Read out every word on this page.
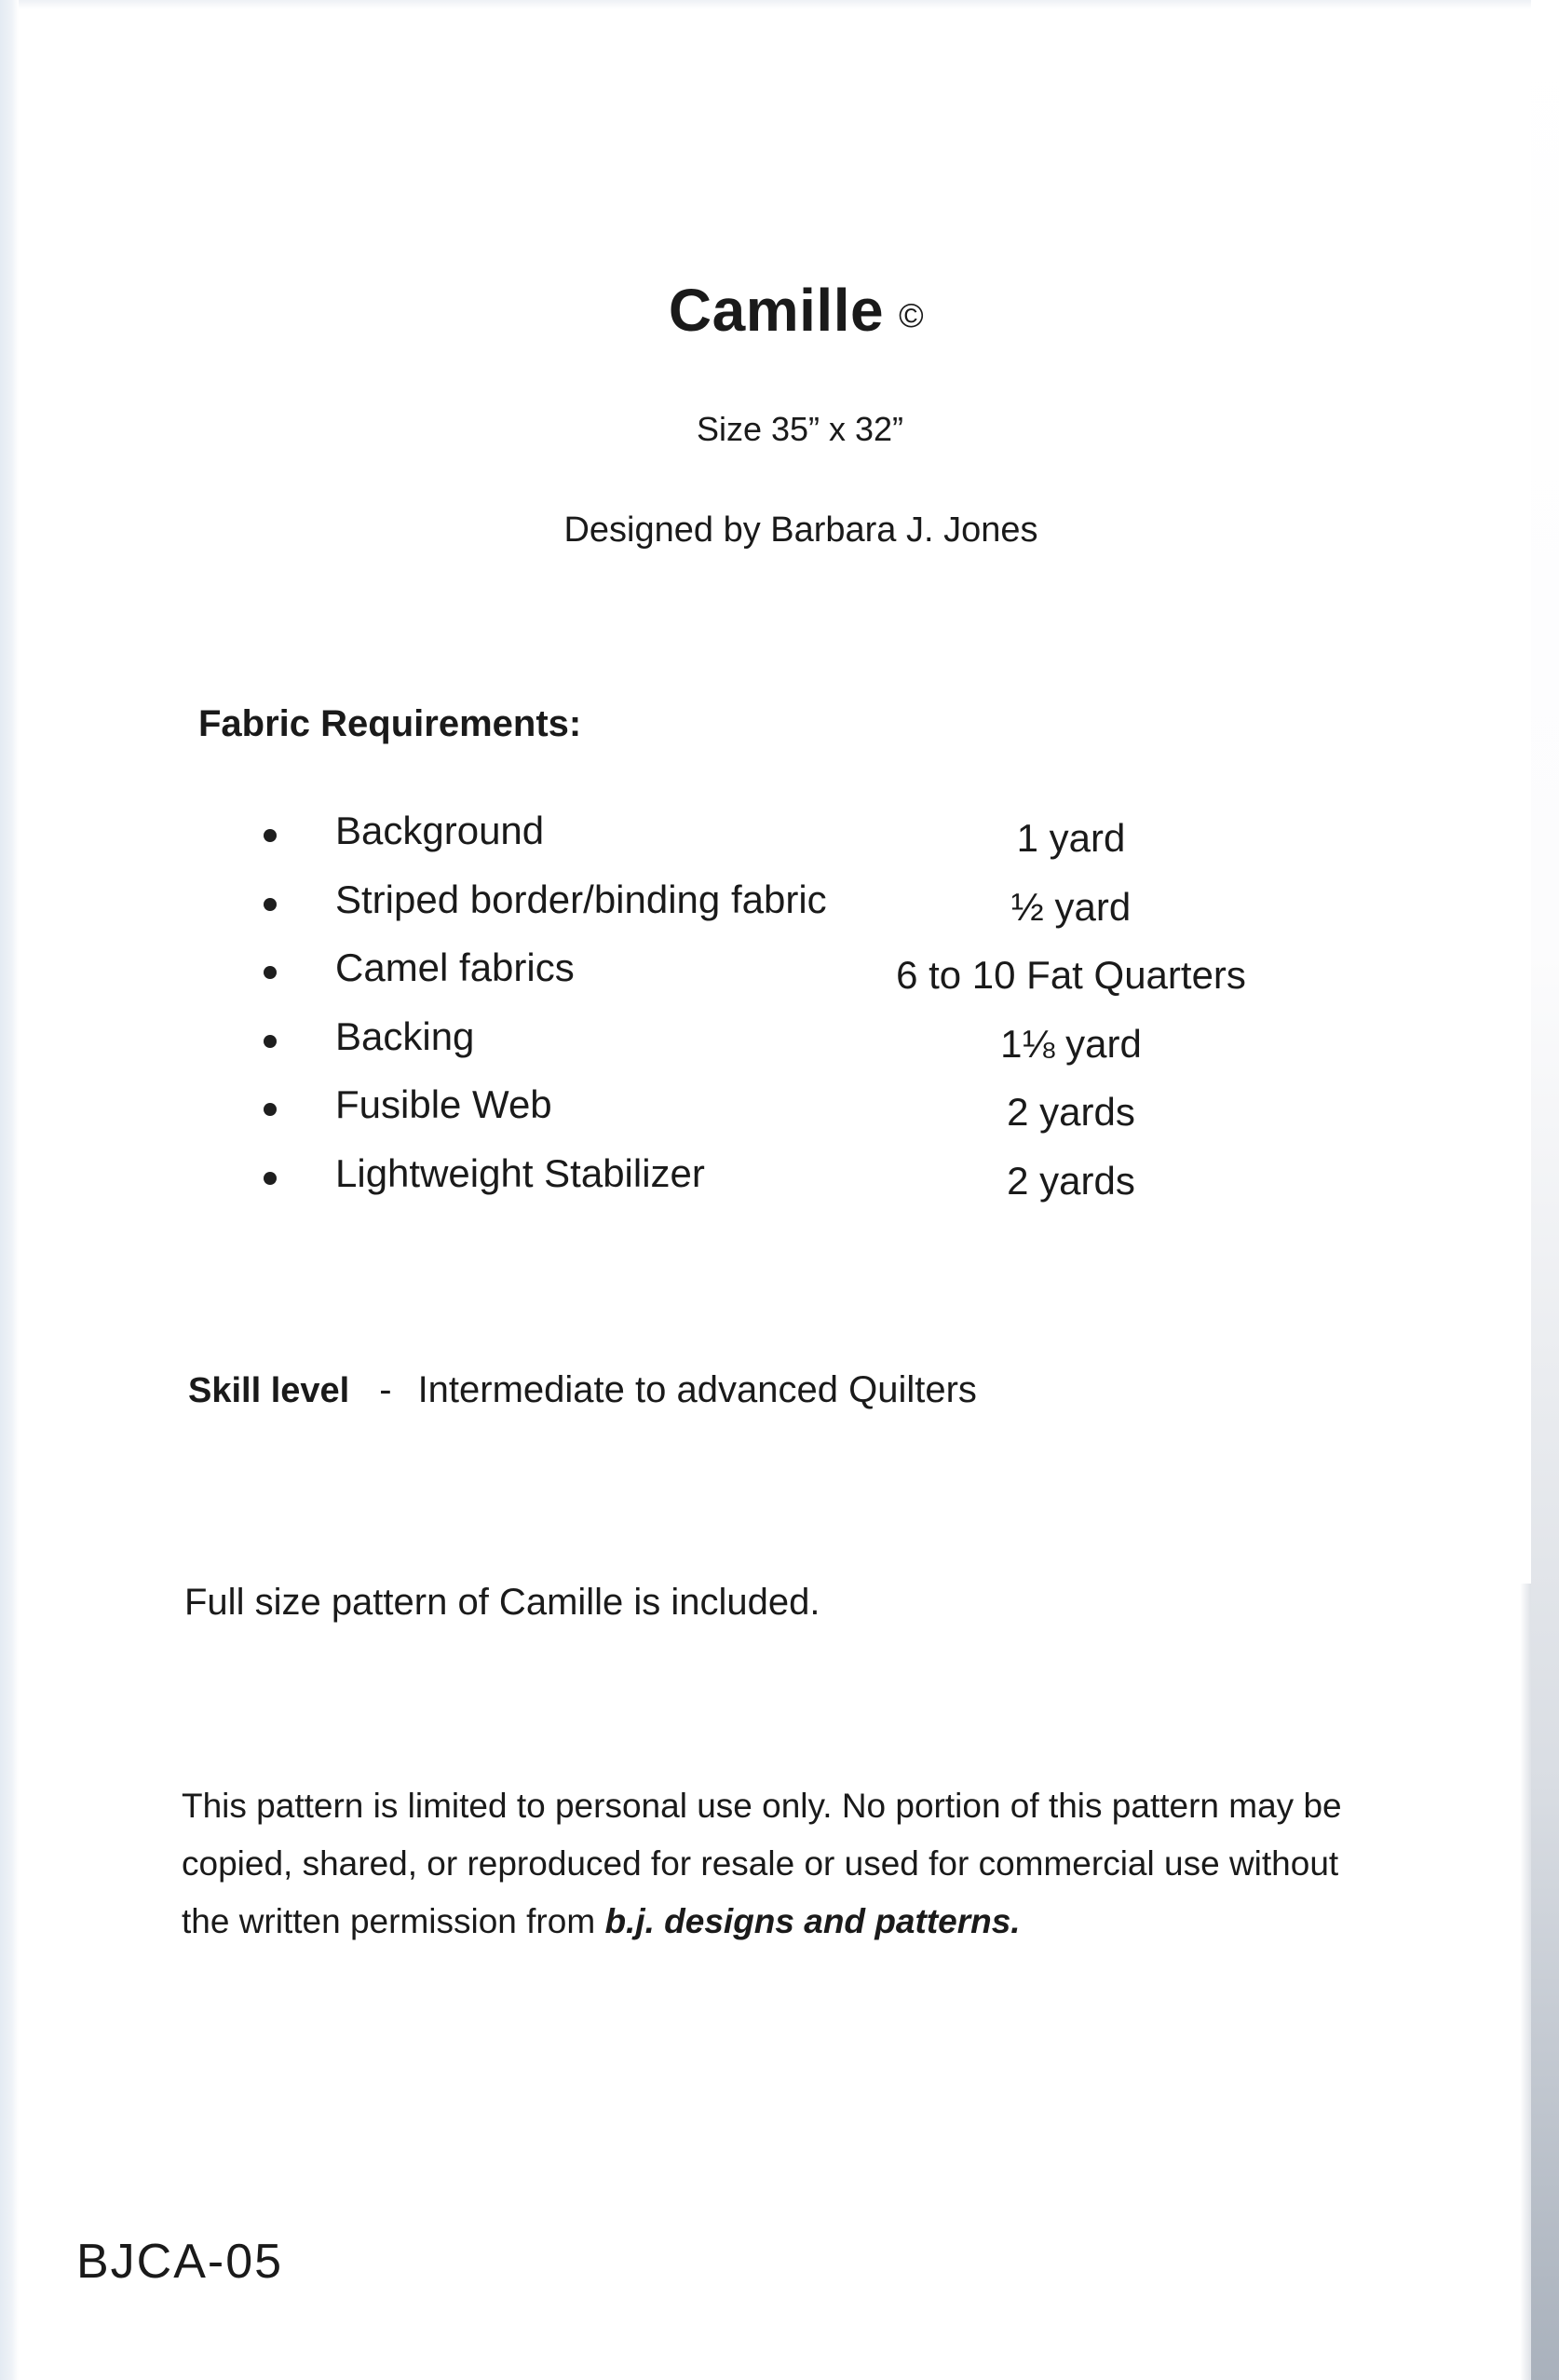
Camille ©
Size 35” x 32”
Designed by Barbara J. Jones
Fabric Requirements:
Background	1 yard
Striped border/binding fabric	½ yard
Camel fabrics	6 to 10 Fat Quarters
Backing	1⅛ yard
Fusible Web	2 yards
Lightweight Stabilizer	2 yards
Skill level - Intermediate to advanced Quilters
Full size pattern of Camille is included.
This pattern is limited to personal use only. No portion of this pattern may be copied, shared, or reproduced for resale or used for commercial use without the written permission from b.j. designs and patterns.
BJCA-05
